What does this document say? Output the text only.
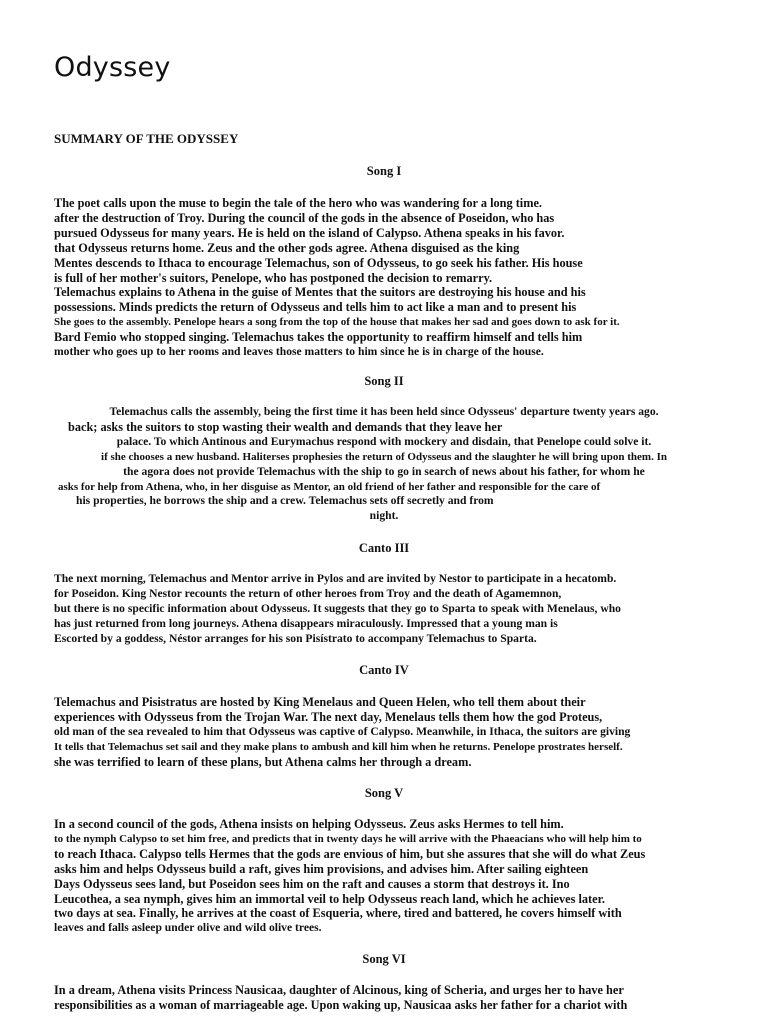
Odyssey
SUMMARY OF THE ODYSSEY
Song I
The poet calls upon the muse to begin the tale of the hero who was wandering for a long time.
after the destruction of Troy. During the council of the gods in the absence of Poseidon, who has
pursued Odysseus for many years. He is held on the island of Calypso. Athena speaks in his favor.
that Odysseus returns home. Zeus and the other gods agree. Athena disguised as the king
Mentes descends to Ithaca to encourage Telemachus, son of Odysseus, to go seek his father. His house
is full of her mother's suitors, Penelope, who has postponed the decision to remarry.
Telemachus explains to Athena in the guise of Mentes that the suitors are destroying his house and his
possessions. Minds predicts the return of Odysseus and tells him to act like a man and to present his
She goes to the assembly. Penelope hears a song from the top of the house that makes her sad and goes down to ask for it.
Bard Femio who stopped singing. Telemachus takes the opportunity to reaffirm himself and tells him
mother who goes up to her rooms and leaves those matters to him since he is in charge of the house.
Song II
Telemachus calls the assembly, being the first time it has been held since Odysseus' departure twenty years ago.
back; asks the suitors to stop wasting their wealth and demands that they leave her
palace. To which Antinous and Eurymachus respond with mockery and disdain, that Penelope could solve it.
if she chooses a new husband. Haliterses prophesies the return of Odysseus and the slaughter he will bring upon them. In
the agora does not provide Telemachus with the ship to go in search of news about his father, for whom he
asks for help from Athena, who, in her disguise as Mentor, an old friend of her father and responsible for the care of
his properties, he borrows the ship and a crew. Telemachus sets off secretly and from
night.
Canto III
The next morning, Telemachus and Mentor arrive in Pylos and are invited by Nestor to participate in a hecatomb.
for Poseidon. King Nestor recounts the return of other heroes from Troy and the death of Agamemnon,
but there is no specific information about Odysseus. It suggests that they go to Sparta to speak with Menelaus, who
has just returned from long journeys. Athena disappears miraculously. Impressed that a young man is
Escorted by a goddess, Néstor arranges for his son Pisístrato to accompany Telemachus to Sparta.
Canto IV
Telemachus and Pisistratus are hosted by King Menelaus and Queen Helen, who tell them about their
experiences with Odysseus from the Trojan War. The next day, Menelaus tells them how the god Proteus,
old man of the sea revealed to him that Odysseus was captive of Calypso. Meanwhile, in Ithaca, the suitors are giving
It tells that Telemachus set sail and they make plans to ambush and kill him when he returns. Penelope prostrates herself.
she was terrified to learn of these plans, but Athena calms her through a dream.
Song V
In a second council of the gods, Athena insists on helping Odysseus. Zeus asks Hermes to tell him.
to the nymph Calypso to set him free, and predicts that in twenty days he will arrive with the Phaeacians who will help him to
to reach Ithaca. Calypso tells Hermes that the gods are envious of him, but she assures that she will do what Zeus
asks him and helps Odysseus build a raft, gives him provisions, and advises him. After sailing eighteen
Days Odysseus sees land, but Poseidon sees him on the raft and causes a storm that destroys it. Ino
Leucothea, a sea nymph, gives him an immortal veil to help Odysseus reach land, which he achieves later.
two days at sea. Finally, he arrives at the coast of Esqueria, where, tired and battered, he covers himself with
leaves and falls asleep under olive and wild olive trees.
Song VI
In a dream, Athena visits Princess Nausicaa, daughter of Alcinous, king of Scheria, and urges her to have her
responsibilities as a woman of marriageable age. Upon waking up, Nausicaa asks her father for a chariot with
